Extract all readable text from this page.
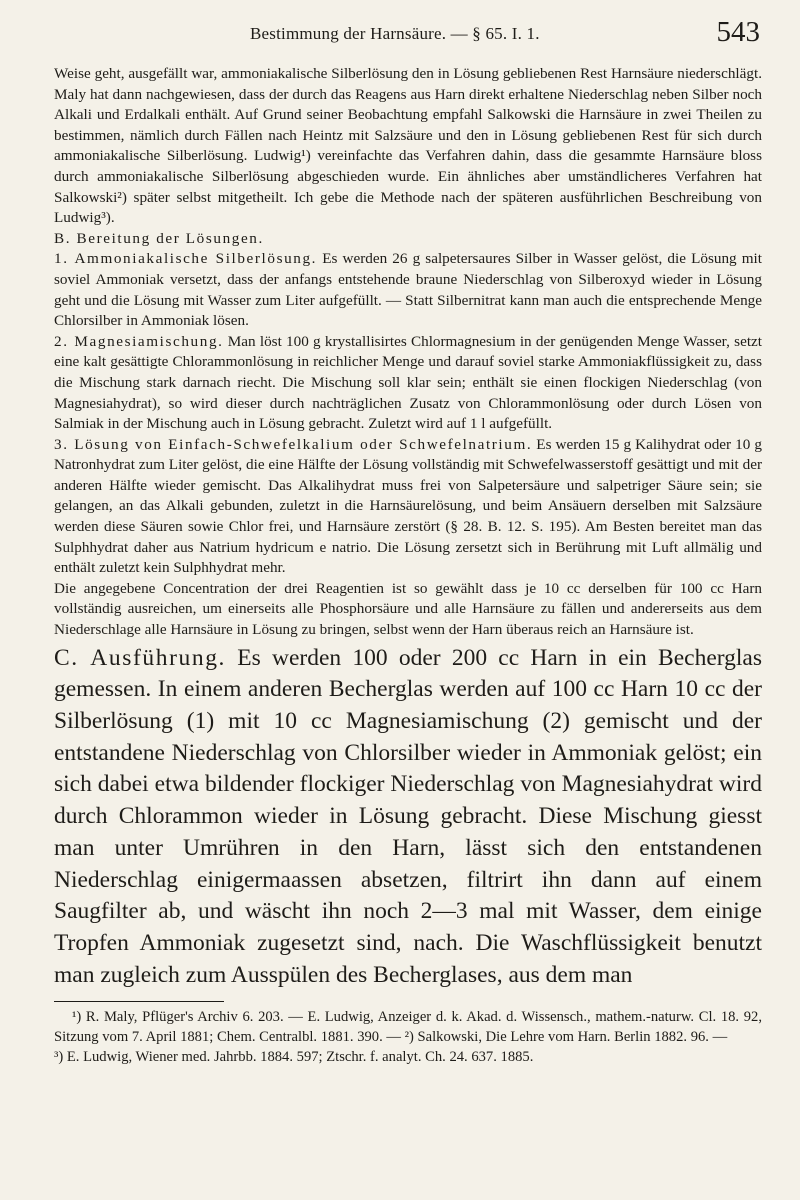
Bestimmung der Harnsäure. — § 65. I. 1.	543

Weise geht, ausgefällt war, ammoniakalische Silberlösung den in Lösung gebliebenen Rest Harnsäure niederschlägt. Maly hat dann nachgewiesen, dass der durch das Reagens aus Harn direkt erhaltene Niederschlag neben Silber noch Alkali und Erdalkali enthält. Auf Grund seiner Beobachtung empfahl Salkowski die Harnsäure in zwei Theilen zu bestimmen, nämlich durch Fällen nach Heintz mit Salzsäure und den in Lösung gebliebenen Rest für sich durch ammoniakalische Silberlösung. Ludwig¹) vereinfachte das Verfahren dahin, dass die gesammte Harnsäure bloss durch ammoniakalische Silberlösung abgeschieden wurde. Ein ähnliches aber umständlicheres Verfahren hat Salkowski²) später selbst mitgetheilt. Ich gebe die Methode nach der späteren ausführlichen Beschreibung von Ludwig³).

B. Bereitung der Lösungen.

1. Ammoniakalische Silberlösung. Es werden 26 g salpetersaures Silber in Wasser gelöst, die Lösung mit soviel Ammoniak versetzt, dass der anfangs entstehende braune Niederschlag von Silberoxyd wieder in Lösung geht und die Lösung mit Wasser zum Liter aufgefüllt. — Statt Silbernitrat kann man auch die entsprechende Menge Chlorsilber in Ammoniak lösen.

2. Magnesiamischung. Man löst 100 g krystallisirtes Chlormagnesium in der genügenden Menge Wasser, setzt eine kalt gesättigte Chlorammonlösung in reichlicher Menge und darauf soviel starke Ammoniakflüssigkeit zu, dass die Mischung stark darnach riecht. Die Mischung soll klar sein; enthält sie einen flockigen Niederschlag (von Magnesiahydrat), so wird dieser durch nachträglichen Zusatz von Chlorammonlösung oder durch Lösen von Salmiak in der Mischung auch in Lösung gebracht. Zuletzt wird auf 1 l aufgefüllt.

3. Lösung von Einfach-Schwefelkalium oder Schwefelnatrium. Es werden 15 g Kalihydrat oder 10 g Natronhydrat zum Liter gelöst, die eine Hälfte der Lösung vollständig mit Schwefelwasserstoff gesättigt und mit der anderen Hälfte wieder gemischt. Das Alkalihydrat muss frei von Salpetersäure und salpetriger Säure sein; sie gelangen, an das Alkali gebunden, zuletzt in die Harnsäurelösung, und beim Ansäuern derselben mit Salzsäure werden diese Säuren sowie Chlor frei, und Harnsäure zerstört (§ 28. B. 12. S. 195). Am Besten bereitet man das Sulphhydrat daher aus Natrium hydricum e natrio. Die Lösung zersetzt sich in Berührung mit Luft allmälig und enthält zuletzt kein Sulphhydrat mehr.

Die angegebene Concentration der drei Reagentien ist so gewählt dass je 10 cc derselben für 100 cc Harn vollständig ausreichen, um einerseits alle Phosphorsäure und alle Harnsäure zu fällen und andererseits aus dem Niederschlage alle Harnsäure in Lösung zu bringen, selbst wenn der Harn überaus reich an Harnsäure ist.

C. Ausführung. Es werden 100 oder 200 cc Harn in ein Becherglas gemessen. In einem anderen Becherglas werden auf 100 cc Harn 10 cc der Silberlösung (1) mit 10 cc Magnesiamischung (2) gemischt und der entstandene Niederschlag von Chlorsilber wieder in Ammoniak gelöst; ein sich dabei etwa bildender flockiger Niederschlag von Magnesiahydrat wird durch Chlorammon wieder in Lösung gebracht. Diese Mischung giesst man unter Umrühren in den Harn, lässt sich den entstandenen Niederschlag einigermaassen absetzen, filtrirt ihn dann auf einem Saugfilter ab, und wäscht ihn noch 2—3 mal mit Wasser, dem einige Tropfen Ammoniak zugesetzt sind, nach. Die Waschflüssigkeit benutzt man zugleich zum Ausspülen des Becherglases, aus dem man

¹) R. Maly, Pflüger's Archiv 6. 203. — E. Ludwig, Anzeiger d. k. Akad. d. Wissensch., mathem.-naturw. Cl. 18. 92, Sitzung vom 7. April 1881; Chem. Centralbl. 1881. 390. — ²) Salkowski, Die Lehre vom Harn. Berlin 1882. 96. —

³) E. Ludwig, Wiener med. Jahrbb. 1884. 597; Ztschr. f. analyt. Ch. 24. 637. 1885.
